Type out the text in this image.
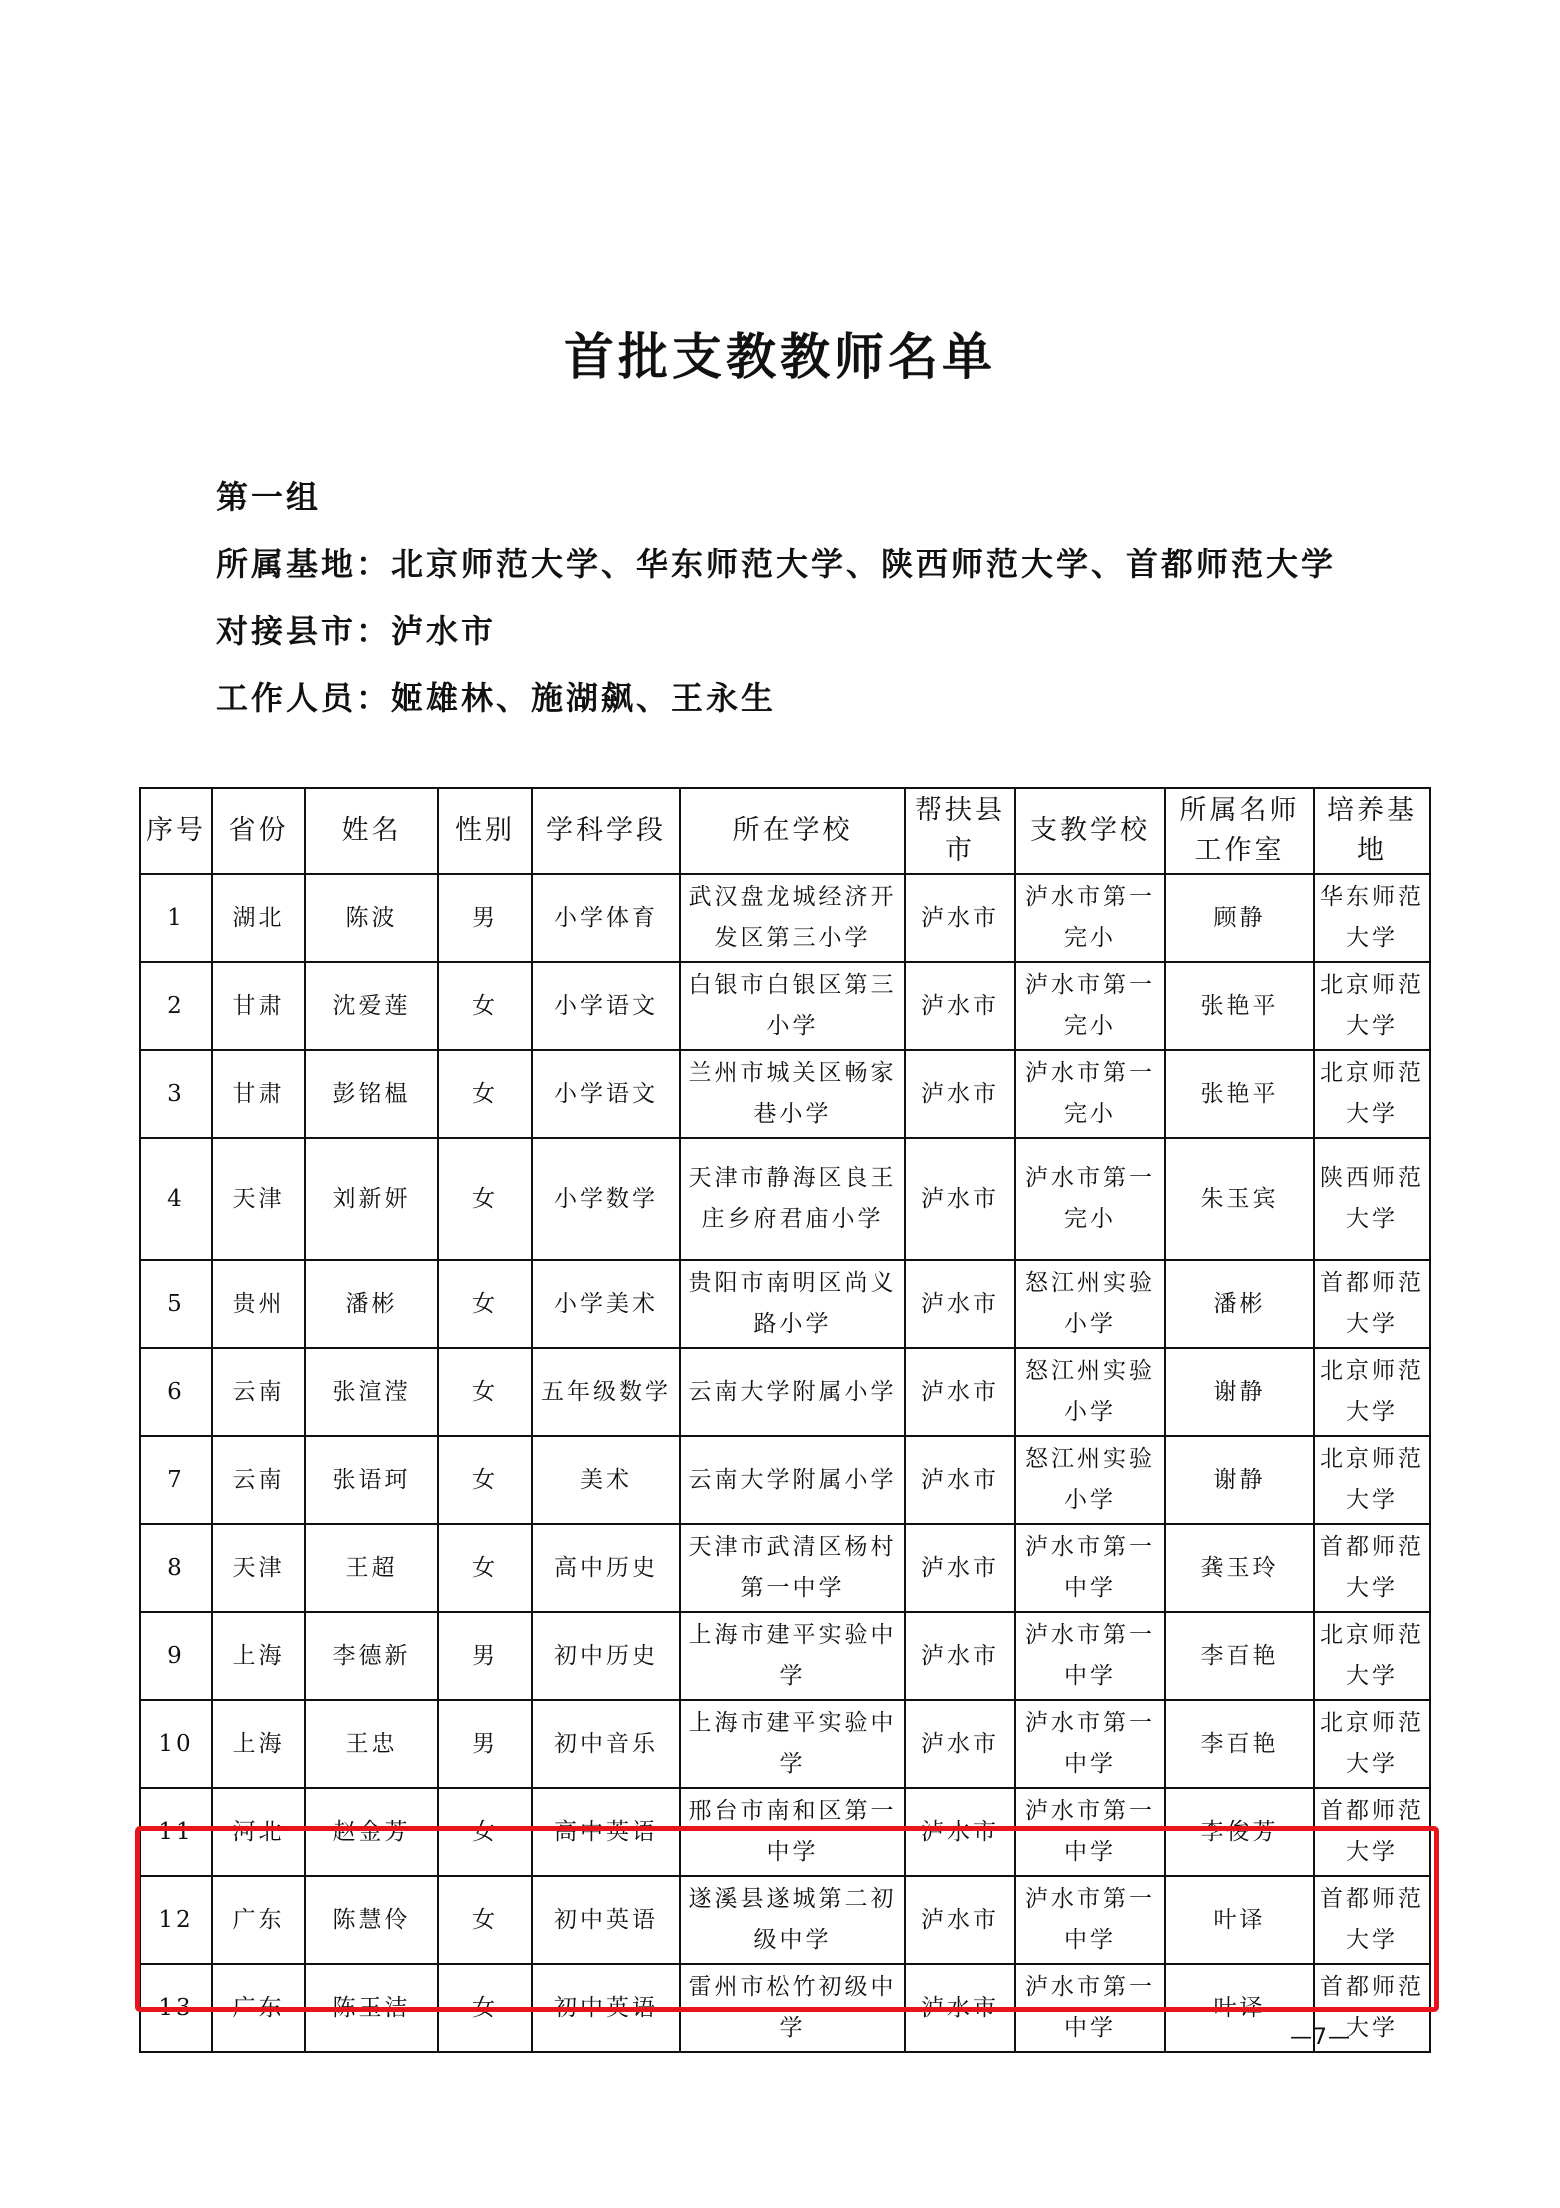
首批支教教师名单
第一组
所属基地：北京师范大学、华东师范大学、陕西师范大学、首都师范大学
对接县市：泸水市
工作人员：姬雄林、施湖飙、王永生
序号	省份	姓名	性别	学科学段	所在学校	帮扶县市	支教学校	所属名师工作室	培养基地
1	湖北	陈波	男	小学体育	武汉盘龙城经济开发区第三小学	泸水市	泸水市第一完小	顾静	华东师范大学
2	甘肃	沈爱莲	女	小学语文	白银市白银区第三小学	泸水市	泸水市第一完小	张艳平	北京师范大学
3	甘肃	彭铭榅	女	小学语文	兰州市城关区畅家巷小学	泸水市	泸水市第一完小	张艳平	北京师范大学
4	天津	刘新妍	女	小学数学	天津市静海区良王庄乡府君庙小学	泸水市	泸水市第一完小	朱玉宾	陕西师范大学
5	贵州	潘彬	女	小学美术	贵阳市南明区尚义路小学	泸水市	怒江州实验小学	潘彬	首都师范大学
6	云南	张渲滢	女	五年级数学	云南大学附属小学	泸水市	怒江州实验小学	谢静	北京师范大学
7	云南	张语珂	女	美术	云南大学附属小学	泸水市	怒江州实验小学	谢静	北京师范大学
8	天津	王超	女	高中历史	天津市武清区杨村第一中学	泸水市	泸水市第一中学	龚玉玲	首都师范大学
9	上海	李德新	男	初中历史	上海市建平实验中学	泸水市	泸水市第一中学	李百艳	北京师范大学
10	上海	王忠	男	初中音乐	上海市建平实验中学	泸水市	泸水市第一中学	李百艳	北京师范大学
11	河北	赵金芳	女	高中英语	邢台市南和区第一中学	泸水市	泸水市第一中学	李俊芳	首都师范大学
12	广东	陈慧伶	女	初中英语	遂溪县遂城第二初级中学	泸水市	泸水市第一中学	叶译	首都师范大学
13	广东	陈玉洁	女	初中英语	雷州市松竹初级中学	泸水市	泸水市第一中学	叶译	首都师范大学
—7—
